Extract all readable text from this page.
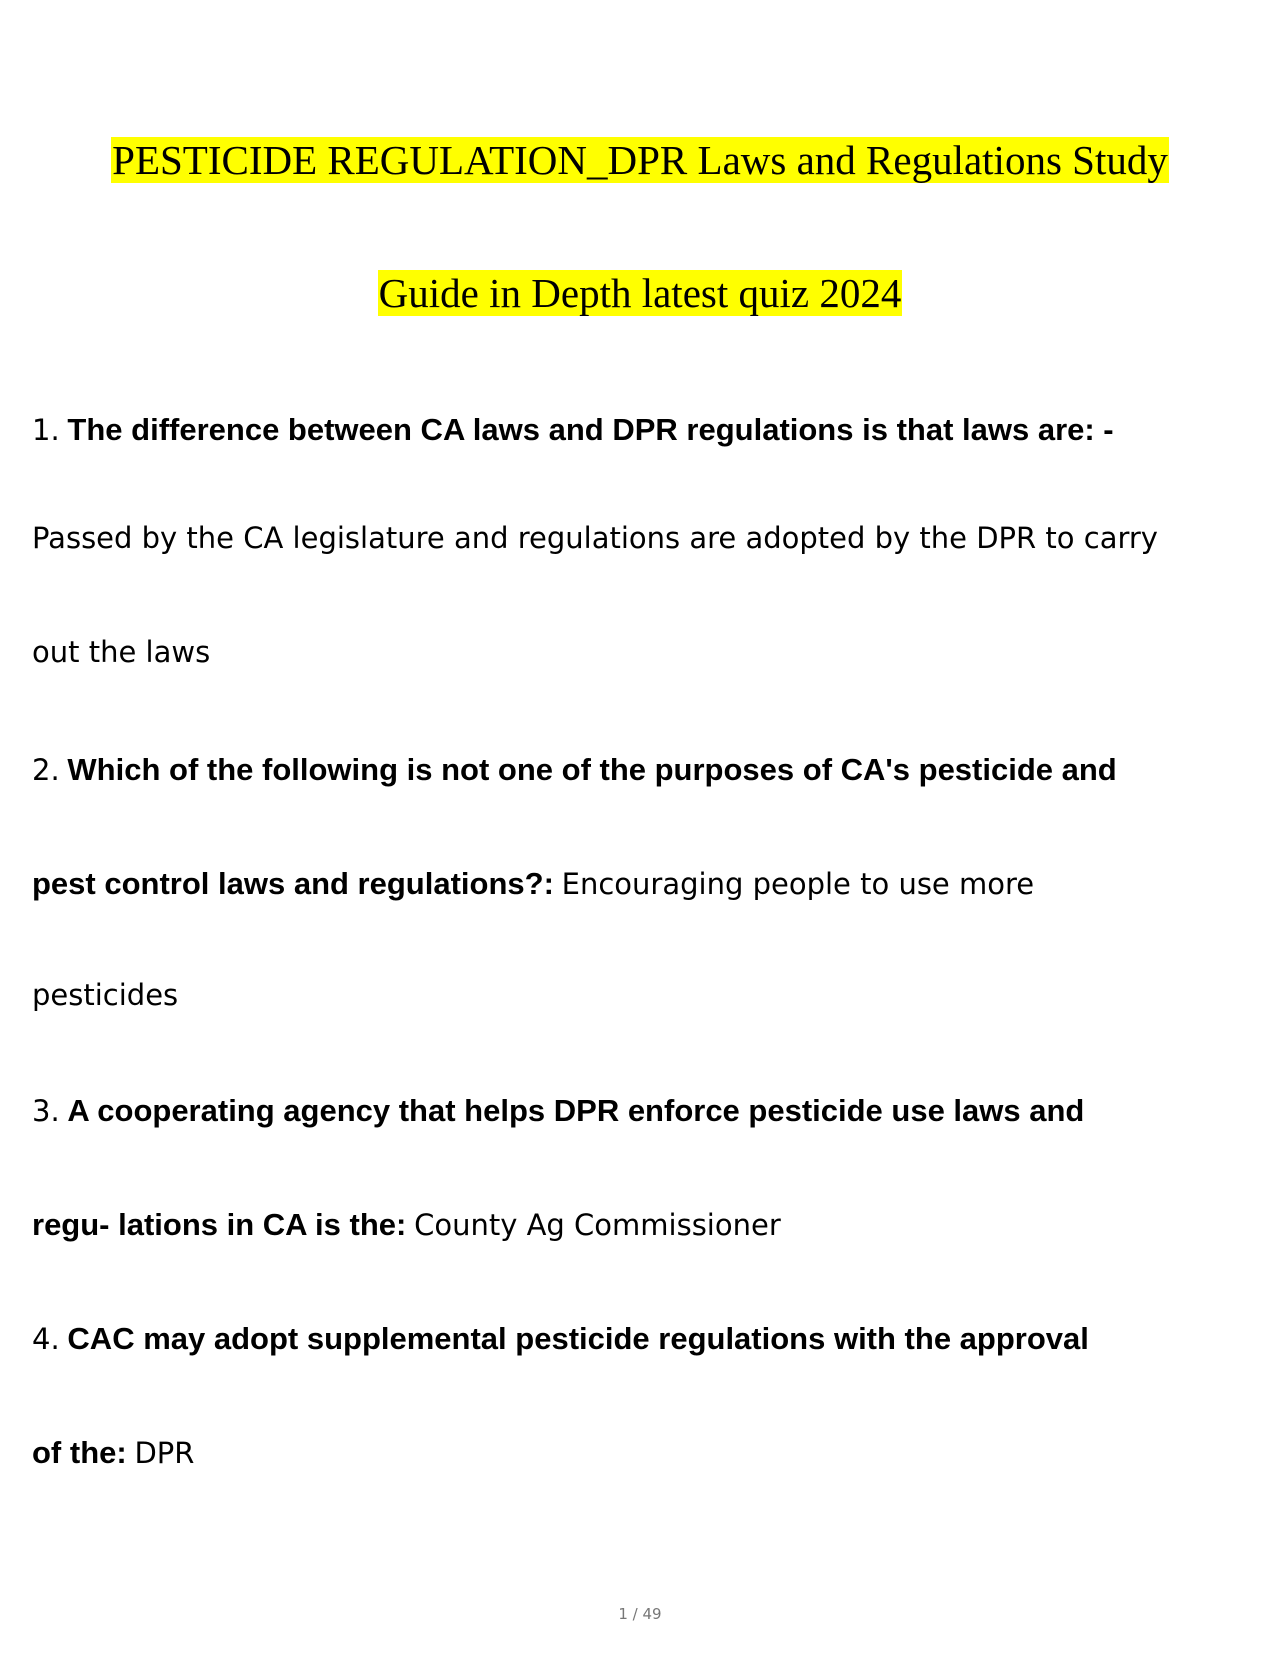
PESTICIDE REGULATION_DPR Laws and Regulations Study
Guide in Depth latest quiz 2024
1. The difference between CA laws and DPR regulations is that laws are: -
Passed by the CA legislature and regulations are adopted by the DPR to carry
out the laws
2. Which of the following is not one of the purposes of CA's pesticide and
pest control laws and regulations?: Encouraging people to use more
pesticides
3. A cooperating agency that helps DPR enforce pesticide use laws and
regu- lations in CA is the: County Ag Commissioner
4. CAC may adopt supplemental pesticide regulations with the approval
of the: DPR
1 / 49
